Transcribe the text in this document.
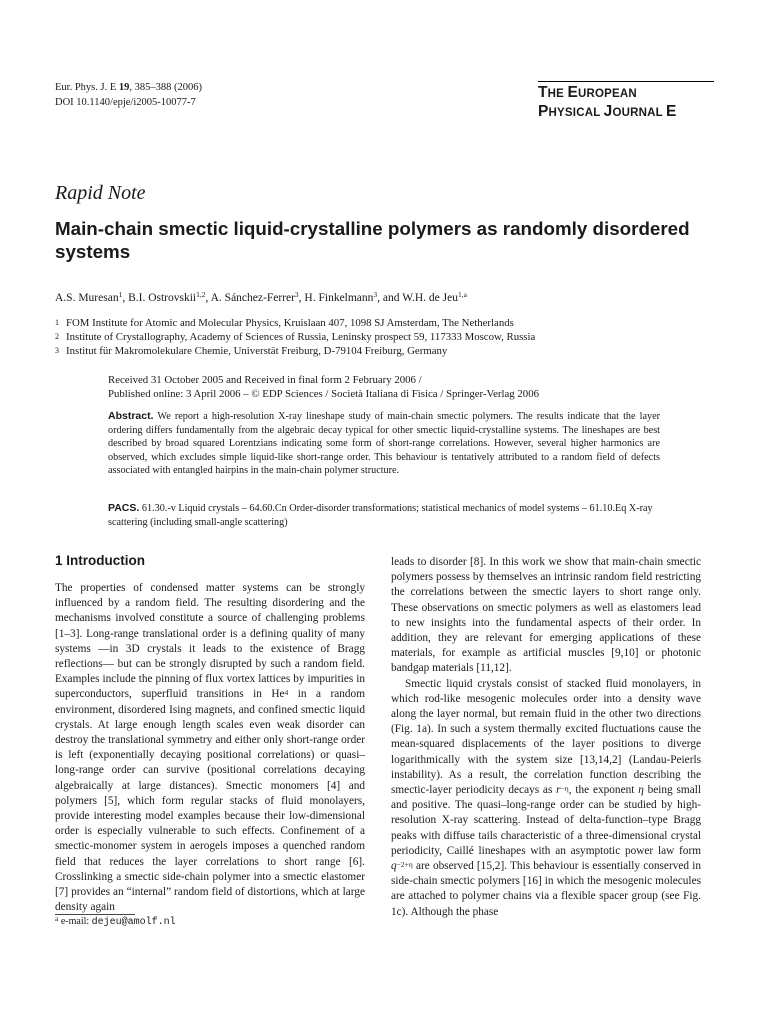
Eur. Phys. J. E 19, 385–388 (2006)
DOI 10.1140/epje/i2005-10077-7
THE EUROPEAN
PHYSICAL JOURNAL E
Rapid Note
Main-chain smectic liquid-crystalline polymers as randomly disordered systems
A.S. Muresan$^1$, B.I. Ostrovskii$^{1,2}$, A. Sánchez-Ferrer$^3$, H. Finkelmann$^3$, and W.H. de Jeu$^{1,a}$
1 FOM Institute for Atomic and Molecular Physics, Kruislaan 407, 1098 SJ Amsterdam, The Netherlands
2 Institute of Crystallography, Academy of Sciences of Russia, Leninsky prospect 59, 117333 Moscow, Russia
3 Institut für Makromolekulare Chemie, Universtät Freiburg, D-79104 Freiburg, Germany
Received 31 October 2005 and Received in final form 2 February 2006 /
Published online: 3 April 2006 – © EDP Sciences / Società Italiana di Fisica / Springer-Verlag 2006
Abstract. We report a high-resolution X-ray lineshape study of main-chain smectic polymers. The results indicate that the layer ordering differs fundamentally from the algebraic decay typical for other smectic liquid-crystalline systems. The lineshapes are best described by broad squared Lorentzians indicating some form of short-range correlations. However, several higher harmonics are observed, which excludes simple liquid-like short-range order. This behaviour is tentatively attributed to a random field of defects associated with entangled hairpins in the main-chain polymer structure.
PACS. 61.30.-v Liquid crystals – 64.60.Cn Order-disorder transformations; statistical mechanics of model systems – 61.10.Eq X-ray scattering (including small-angle scattering)
1 Introduction

The properties of condensed matter systems can be strongly influenced by a random field. The resulting disordering and the mechanisms involved constitute a source of challenging problems [1–3]. Long-range translational order is a defining quality of many systems —in 3D crystals it leads to the existence of Bragg reflections— but can be strongly disrupted by such a random field. Examples include the pinning of flux vortex lattices by impurities in superconductors, superfluid transitions in He$^4$ in a random environment, disordered Ising magnets, and confined smectic liquid crystals. At large enough length scales even weak disorder can destroy the translational symmetry and either only short-range order is left (exponentially decaying positional correlations) or quasi–long-range order can survive (positional correlations decaying algebraically at large distances). Smectic monomers [4] and polymers [5], which form regular stacks of fluid monolayers, provide interesting model examples because their low-dimensional order is especially vulnerable to such effects. Confinement of a smectic-monomer system in aerogels imposes a quenched random field that reduces the layer correlations to short range [6]. Crosslinking a smectic side-chain polymer into a smectic elastomer [7] provides an “internal” random field of distortions, which at large density again

leads to disorder [8]. In this work we show that main-chain smectic polymers possess by themselves an intrinsic random field restricting the correlations between the smectic layers to short range only. These observations on smectic polymers as well as elastomers lead to new insights into the fundamental aspects of their order. In addition, they are relevant for emerging applications of these materials, for example as artificial muscles [9,10] or photonic bandgap materials [11,12].

Smectic liquid crystals consist of stacked fluid monolayers, in which rod-like mesogenic molecules order into a density wave along the layer normal, but remain fluid in the other two directions (Fig. 1a). In such a system thermally excited fluctuations cause the mean-squared displacements of the layer positions to diverge logarithmically with the system size [13,14,2] (Landau-Peierls instability). As a result, the correlation function describing the smectic-layer periodicity decays as $r^{-\eta}$, the exponent η being small and positive. The quasi–long-range order can be studied by high-resolution X-ray scattering. Instead of delta-function–type Bragg peaks with diffuse tails characteristic of a three-dimensional crystal periodicity, Caillé lineshapes with an asymptotic power law form $q^{-2+\eta}$ are observed [15,2]. This behaviour is essentially conserved in side-chain smectic polymers [16] in which the mesogenic molecules are attached to polymer chains via a flexible spacer group (see Fig. 1c). Although the phase

$^a$ e-mail: dejeu@amolf.nl
